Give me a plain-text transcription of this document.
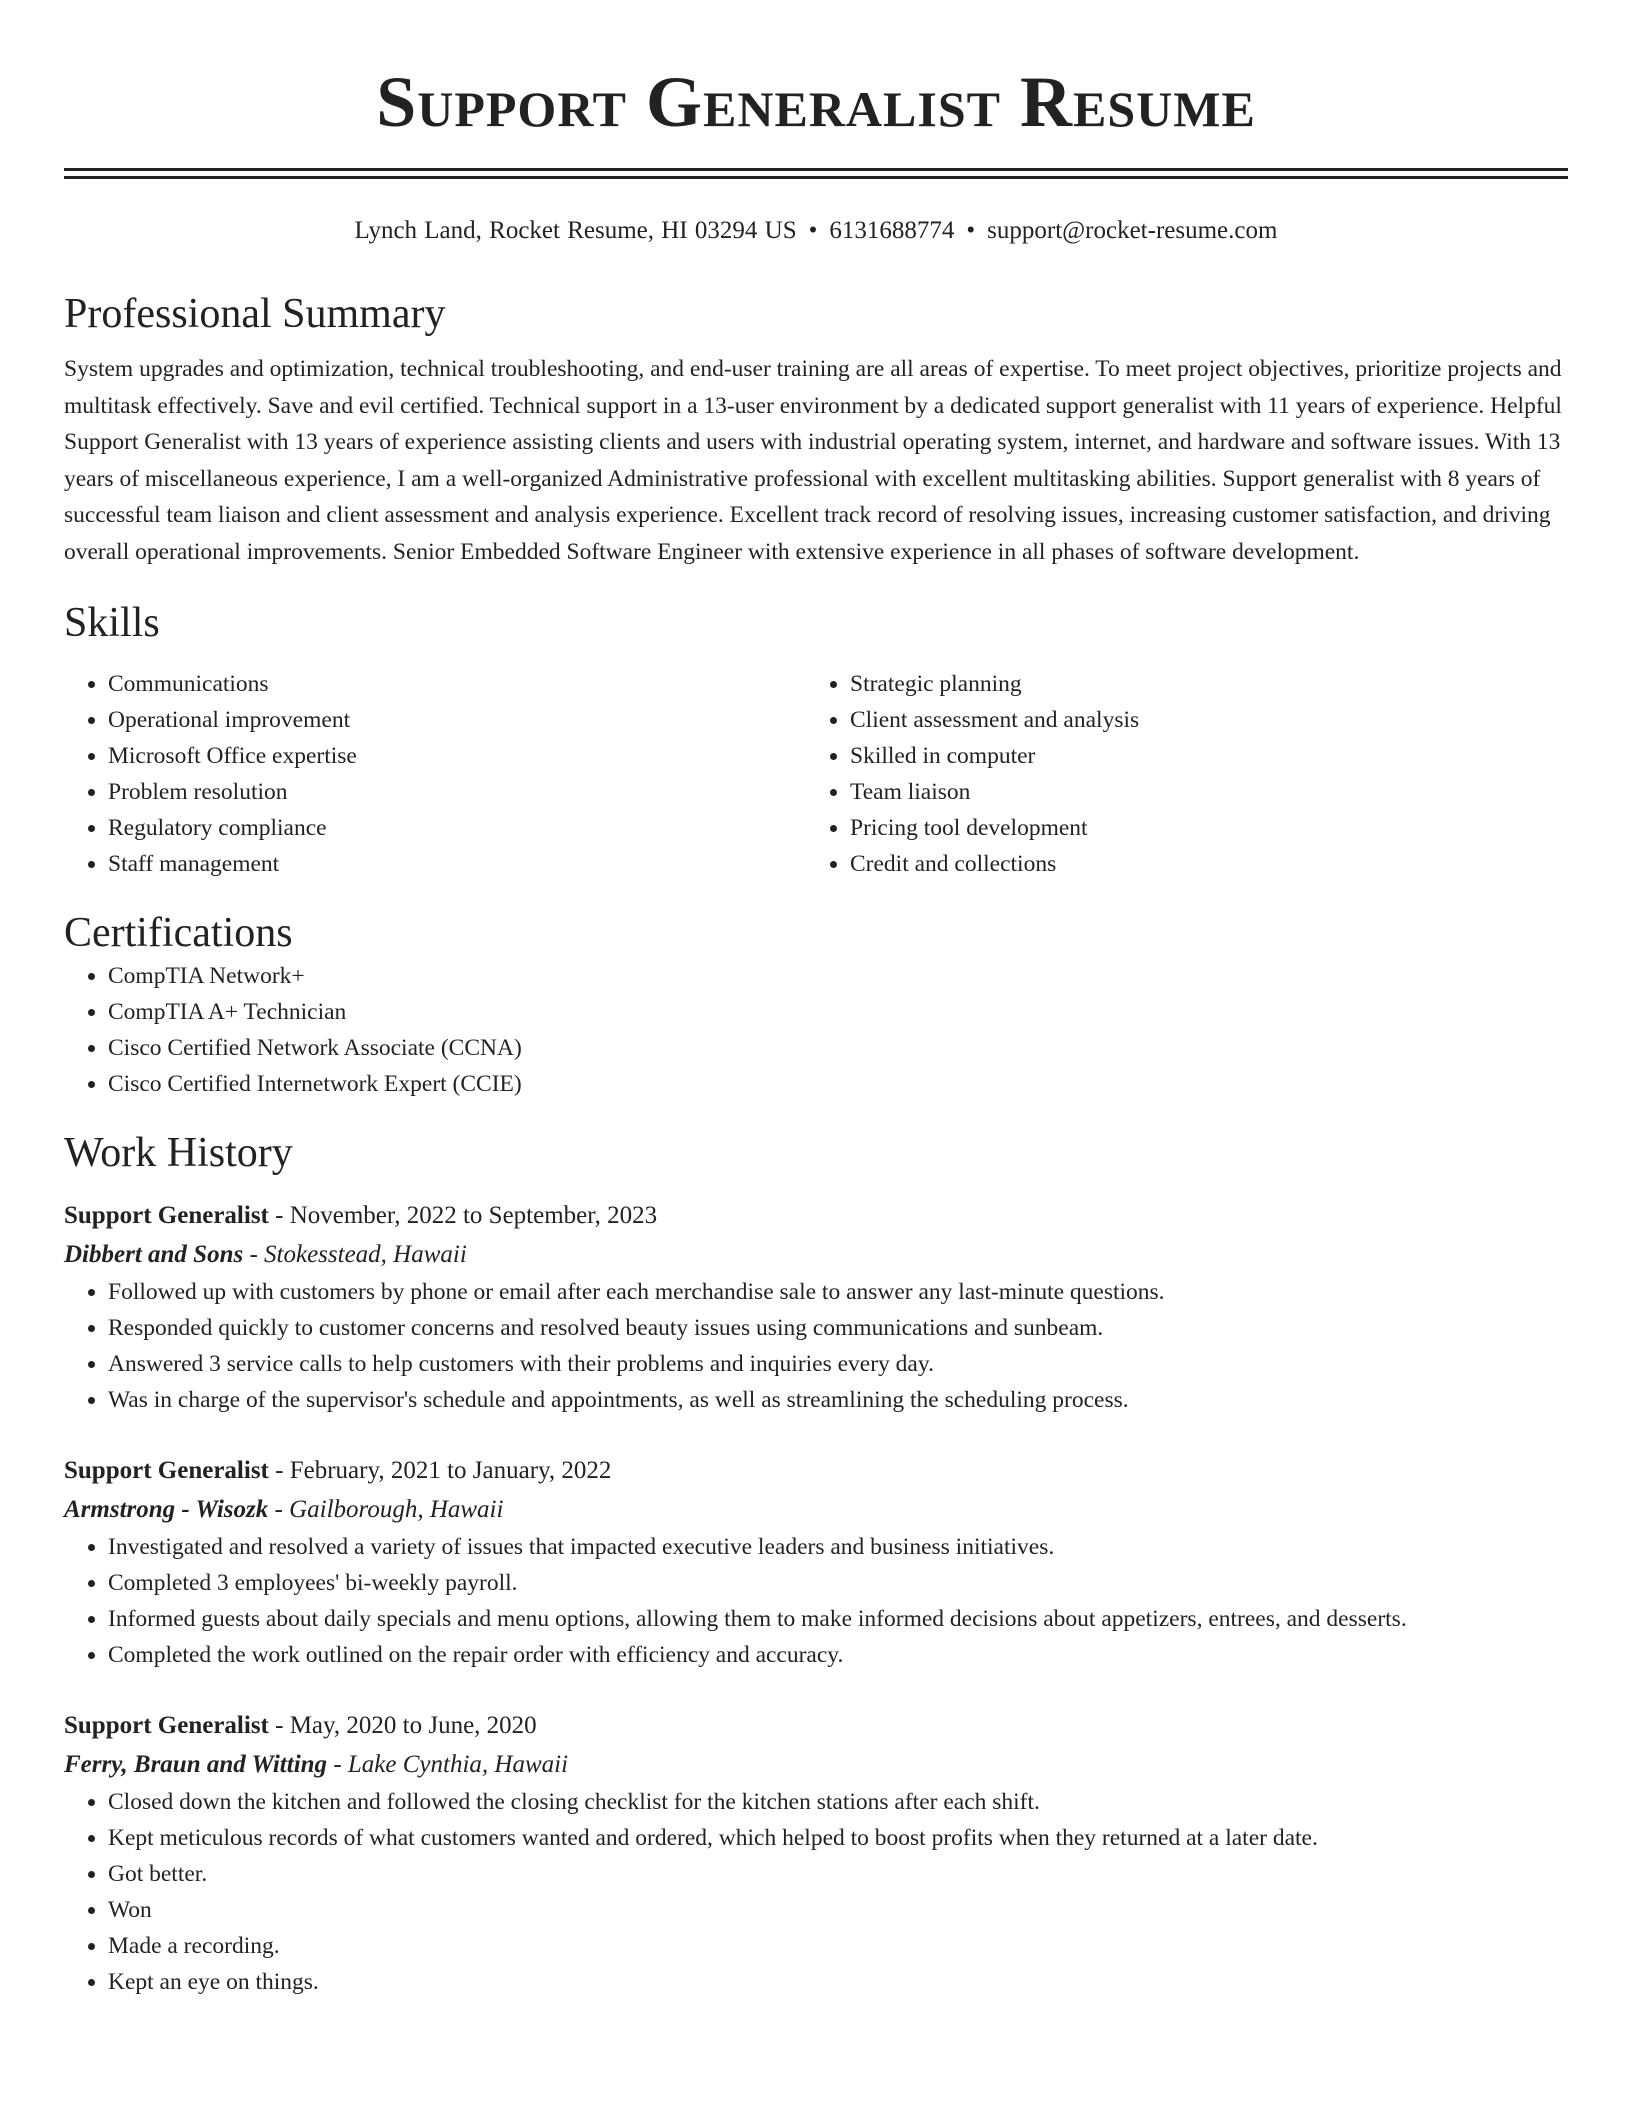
Support Generalist Resume
Lynch Land, Rocket Resume, HI 03294 US • 6131688774 • support@rocket-resume.com
Professional Summary

System upgrades and optimization, technical troubleshooting, and end-user training are all areas of expertise. To meet project objectives, prioritize projects and multitask effectively. Save and evil certified. Technical support in a 13-user environment by a dedicated support generalist with 11 years of experience. Helpful Support Generalist with 13 years of experience assisting clients and users with industrial operating system, internet, and hardware and software issues. With 13 years of miscellaneous experience, I am a well-organized Administrative professional with excellent multitasking abilities. Support generalist with 8 years of successful team liaison and client assessment and analysis experience. Excellent track record of resolving issues, increasing customer satisfaction, and driving overall operational improvements. Senior Embedded Software Engineer with extensive experience in all phases of software development.

Skills
• Communications
• Operational improvement
• Microsoft Office expertise
• Problem resolution
• Regulatory compliance
• Staff management
• Strategic planning
• Client assessment and analysis
• Skilled in computer
• Team liaison
• Pricing tool development
• Credit and collections
Certifications
• CompTIA Network+
• CompTIA A+ Technician
• Cisco Certified Network Associate (CCNA)
• Cisco Certified Internetwork Expert (CCIE)
Work History
Support Generalist - November, 2022 to September, 2023
Dibbert and Sons - Stokesstead, Hawaii
• Followed up with customers by phone or email after each merchandise sale to answer any last-minute questions.
• Responded quickly to customer concerns and resolved beauty issues using communications and sunbeam.
• Answered 3 service calls to help customers with their problems and inquiries every day.
• Was in charge of the supervisor's schedule and appointments, as well as streamlining the scheduling process.
Support Generalist - February, 2021 to January, 2022
Armstrong - Wisozk - Gailborough, Hawaii
• Investigated and resolved a variety of issues that impacted executive leaders and business initiatives.
• Completed 3 employees' bi-weekly payroll.
• Informed guests about daily specials and menu options, allowing them to make informed decisions about appetizers, entrees, and desserts.
• Completed the work outlined on the repair order with efficiency and accuracy.
Support Generalist - May, 2020 to June, 2020
Ferry, Braun and Witting - Lake Cynthia, Hawaii
• Closed down the kitchen and followed the closing checklist for the kitchen stations after each shift.
• Kept meticulous records of what customers wanted and ordered, which helped to boost profits when they returned at a later date.
• Got better.
• Won
• Made a recording.
• Kept an eye on things.
